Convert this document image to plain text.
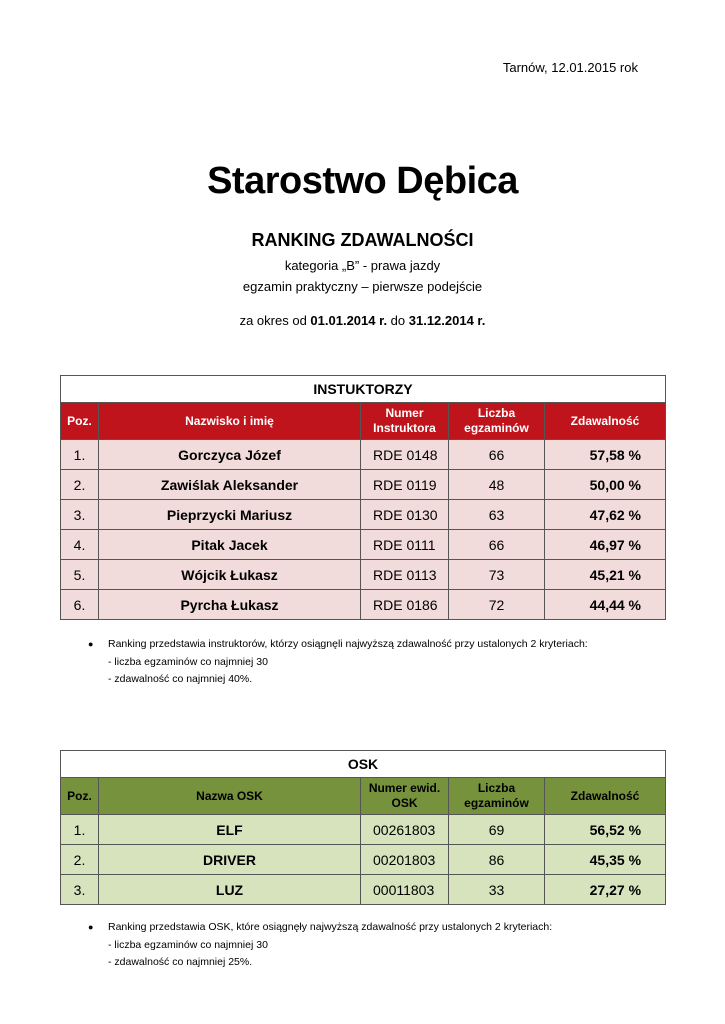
Tarnów, 12.01.2015 rok
Starostwo Dębica
RANKING ZDAWALNOŚCI
kategoria „B” - prawa jazdy
egzamin praktyczny – pierwsze podejście
za okres od 01.01.2014 r. do 31.12.2014 r.
INSTUKTORZY				
Poz.	Nazwisko i imię	Numer Instruktora	Liczba egzaminów	Zdawalność
1.	Gorczyca Józef	RDE 0148	66	57,58 %
2.	Zawiślak Aleksander	RDE 0119	48	50,00 %
3.	Pieprzycki Mariusz	RDE 0130	63	47,62 %
4.	Pitak Jacek	RDE 0111	66	46,97 %
5.	Wójcik Łukasz	RDE 0113	73	45,21 %
6.	Pyrcha Łukasz	RDE 0186	72	44,44 %
● Ranking przedstawia instruktorów, którzy osiągnęli najwyższą zdawalność przy ustalonych 2 kryteriach:
- liczba egzaminów co najmniej 30
- zdawalność co najmniej 40%.
OSK				
Poz.	Nazwa OSK	Numer ewid. OSK	Liczba egzaminów	Zdawalność
1.	ELF	00261803	69	56,52 %
2.	DRIVER	00201803	86	45,35 %
3.	LUZ	00011803	33	27,27 %
● Ranking przedstawia OSK, które osiągnęły najwyższą zdawalność przy ustalonych 2 kryteriach:
- liczba egzaminów co najmniej 30
- zdawalność co najmniej 25%.
